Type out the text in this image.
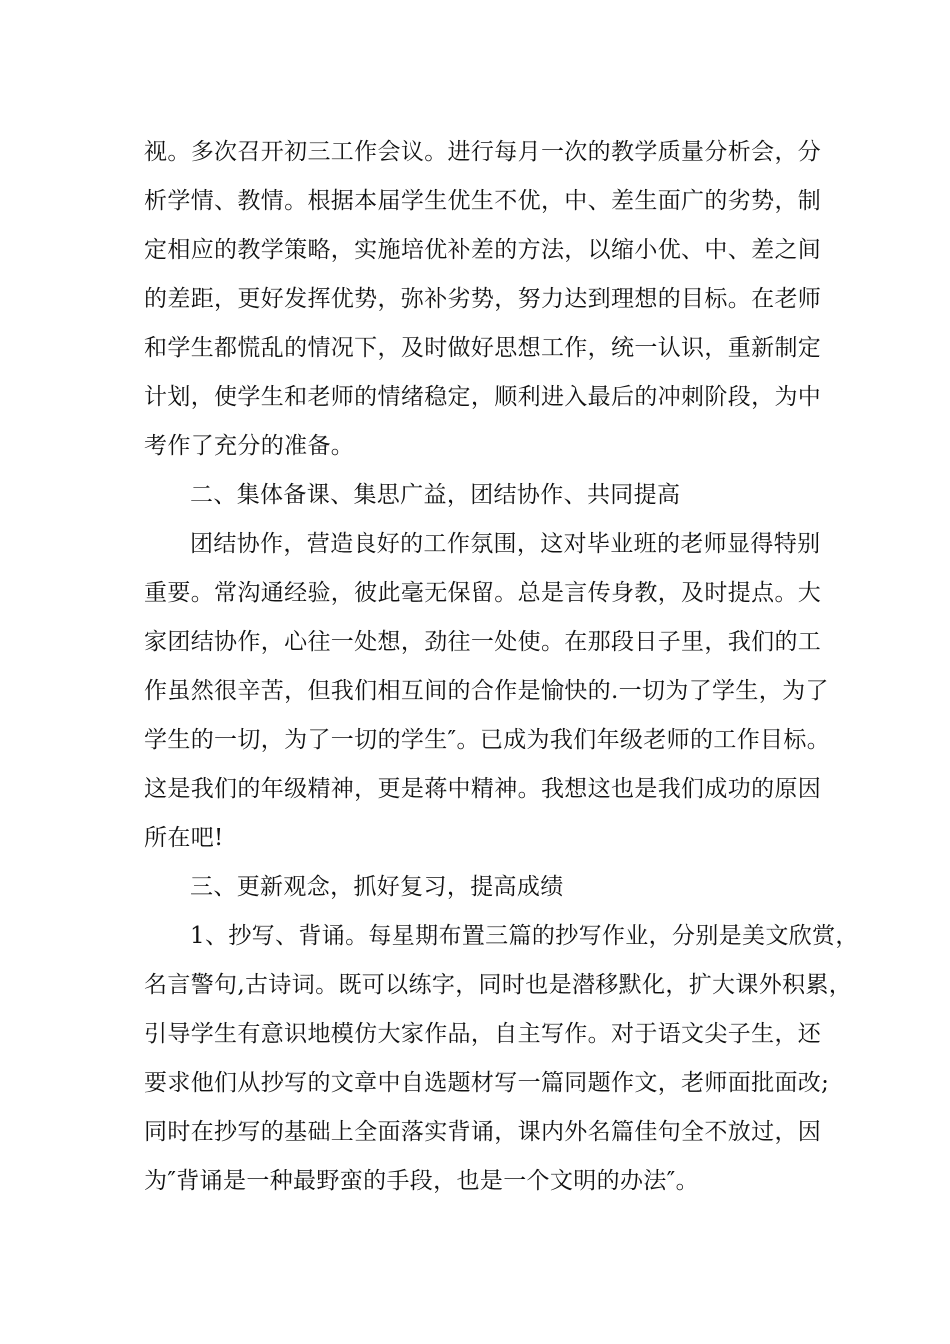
视。多次召开初三工作会议。进行每月一次的教学质量分析会，分
析学情、教情。根据本届学生优生不优，中、差生面广的劣势，制
定相应的教学策略，实施培优补差的方法，以缩小优、中、差之间
的差距，更好发挥优势，弥补劣势，努力达到理想的目标。在老师
和学生都慌乱的情况下，及时做好思想工作，统一认识，重新制定
计划，使学生和老师的情绪稳定，顺利进入最后的冲刺阶段，为中
考作了充分的准备。
二、集体备课、集思广益，团结协作、共同提高
团结协作，营造良好的工作氛围，这对毕业班的老师显得特别
重要。常沟通经验，彼此毫无保留。总是言传身教，及时提点。大
家团结协作，心往一处想，劲往一处使。在那段日子里，我们的工
作虽然很辛苦，但我们相互间的合作是愉快的.一切为了学生，为了
学生的一切，为了一切的学生″。已成为我们年级老师的工作目标。
这是我们的年级精神，更是蒋中精神。我想这也是我们成功的原因
所在吧!
三、更新观念，抓好复习，提高成绩
1、抄写、背诵。每星期布置三篇的抄写作业，分别是美文欣赏，
名言警句,古诗词。既可以练字，同时也是潜移默化，扩大课外积累，
引导学生有意识地模仿大家作品，自主写作。对于语文尖子生，还
要求他们从抄写的文章中自选题材写一篇同题作文，老师面批面改;
同时在抄写的基础上全面落实背诵，课内外名篇佳句全不放过，因
为″背诵是一种最野蛮的手段，也是一个文明的办法″。
